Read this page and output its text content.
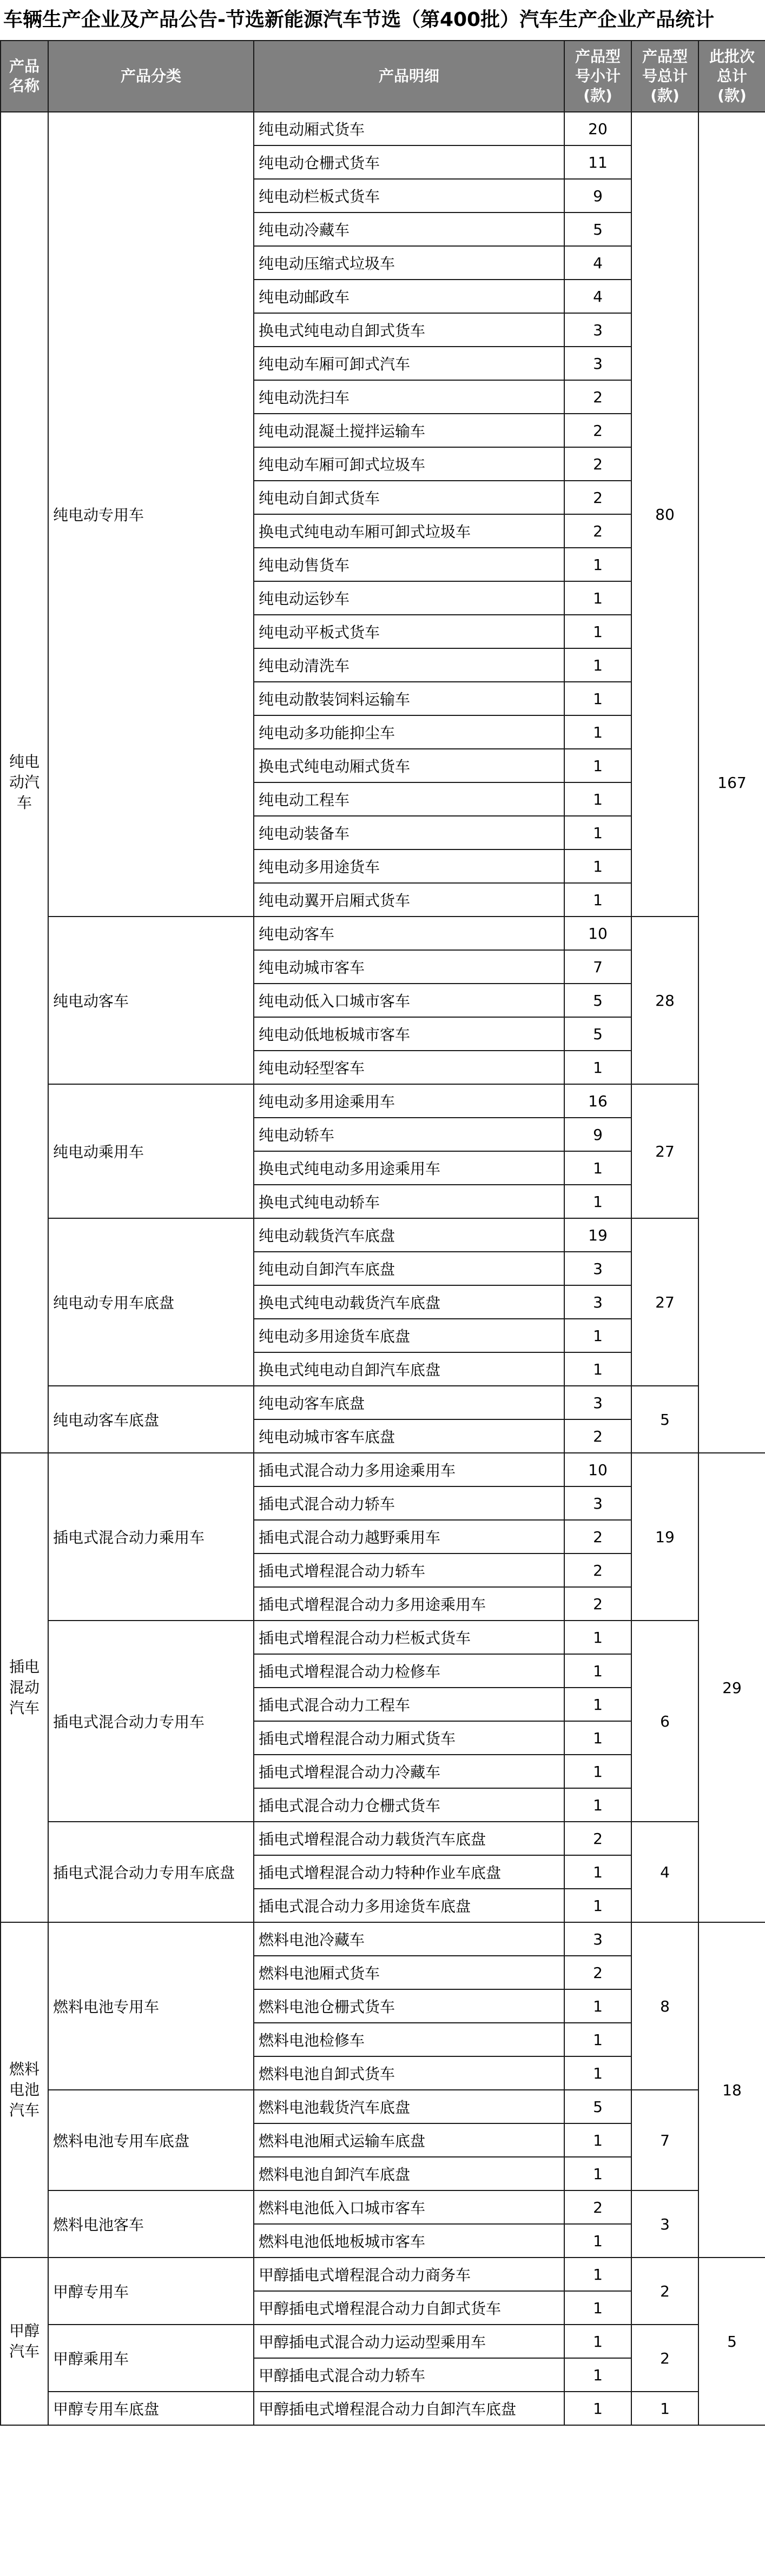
车辆生产企业及产品公告-节选新能源汽车节选（第400批）汽车生产企业产品统计
产品名称	产品分类	产品明细	产品型号小计(款)	产品型号总计(款)	此批次总计(款)
纯电动汽车	纯电动专用车	纯电动厢式货车	20	80	167
		纯电动仓栅式货车	11		
		纯电动栏板式货车	9		
		纯电动冷藏车	5		
		纯电动压缩式垃圾车	4		
		纯电动邮政车	4		
		换电式纯电动自卸式货车	3		
		纯电动车厢可卸式汽车	3		
		纯电动洗扫车	2		
		纯电动混凝土搅拌运输车	2		
		纯电动车厢可卸式垃圾车	2		
		纯电动自卸式货车	2		
		换电式纯电动车厢可卸式垃圾车	2		
		纯电动售货车	1		
		纯电动运钞车	1		
		纯电动平板式货车	1		
		纯电动清洗车	1		
		纯电动散装饲料运输车	1		
		纯电动多功能抑尘车	1		
		换电式纯电动厢式货车	1		
		纯电动工程车	1		
		纯电动装备车	1		
		纯电动多用途货车	1		
		纯电动翼开启厢式货车	1		
	纯电动客车	纯电动客车	10	28	
		纯电动城市客车	7		
		纯电动低入口城市客车	5		
		纯电动低地板城市客车	5		
		纯电动轻型客车	1		
	纯电动乘用车	纯电动多用途乘用车	16	27	
		纯电动轿车	9		
		换电式纯电动多用途乘用车	1		
		换电式纯电动轿车	1		
	纯电动专用车底盘	纯电动载货汽车底盘	19	27	
		纯电动自卸汽车底盘	3		
		换电式纯电动载货汽车底盘	3		
		纯电动多用途货车底盘	1		
		换电式纯电动自卸汽车底盘	1		
	纯电动客车底盘	纯电动客车底盘	3	5	
		纯电动城市客车底盘	2		
插电混动汽车	插电式混合动力乘用车	插电式混合动力多用途乘用车	10	19	29
		插电式混合动力轿车	3		
		插电式混合动力越野乘用车	2		
		插电式增程混合动力轿车	2		
		插电式增程混合动力多用途乘用车	2		
	插电式混合动力专用车	插电式增程混合动力栏板式货车	1	6	
		插电式增程混合动力检修车	1		
		插电式混合动力工程车	1		
		插电式增程混合动力厢式货车	1		
		插电式增程混合动力冷藏车	1		
		插电式混合动力仓栅式货车	1		
	插电式混合动力专用车底盘	插电式增程混合动力载货汽车底盘	2	4	
		插电式增程混合动力特种作业车底盘	1		
		插电式混合动力多用途货车底盘	1		
燃料电池汽车	燃料电池专用车	燃料电池冷藏车	3	8	18
		燃料电池厢式货车	2		
		燃料电池仓栅式货车	1		
		燃料电池检修车	1		
		燃料电池自卸式货车	1		
	燃料电池专用车底盘	燃料电池载货汽车底盘	5	7	
		燃料电池厢式运输车底盘	1		
		燃料电池自卸汽车底盘	1		
	燃料电池客车	燃料电池低入口城市客车	2	3	
		燃料电池低地板城市客车	1		
甲醇汽车	甲醇专用车	甲醇插电式增程混合动力商务车	1	2	5
		甲醇插电式增程混合动力自卸式货车	1		
	甲醇乘用车	甲醇插电式混合动力运动型乘用车	1	2	
		甲醇插电式混合动力轿车	1		
	甲醇专用车底盘	甲醇插电式增程混合动力自卸汽车底盘	1	1	
